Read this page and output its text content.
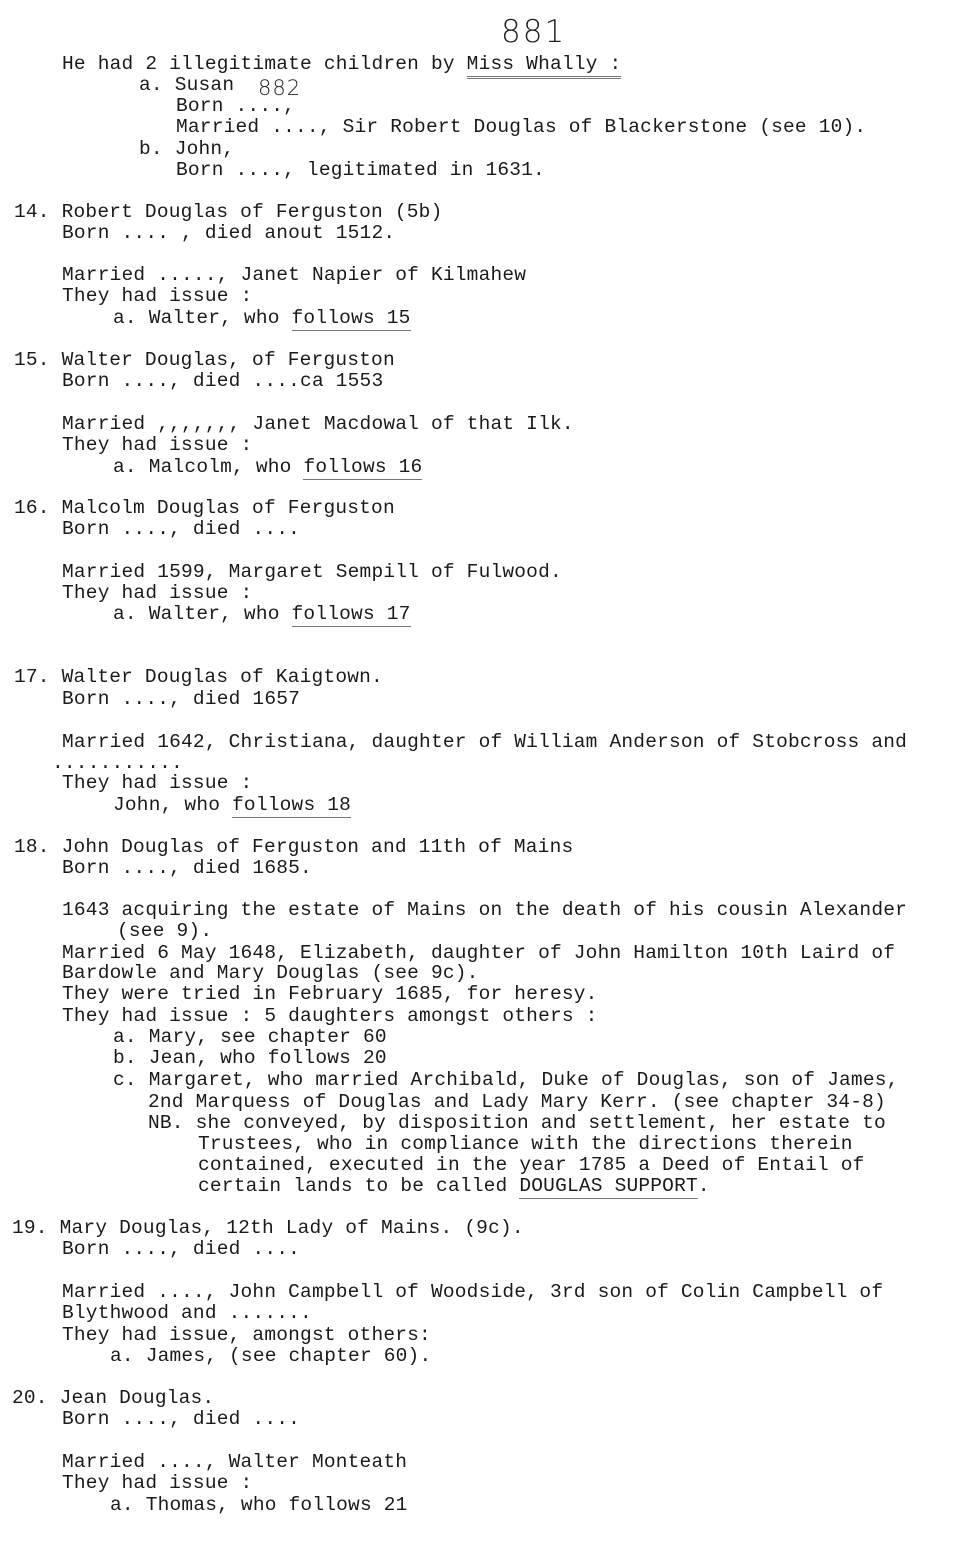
881
He had 2 illegitimate children by Miss Whally :
a. Susan
Born ....,
Married ...., Sir Robert Douglas of Blackerstone (see 10).
b. John,
Born ...., legitimated in 1631.
14. Robert Douglas of Ferguston (5b)
Born .... , died anout 1512.
Married ....., Janet Napier of Kilmahew
They had issue :
a. Walter, who follows 15
15. Walter Douglas, of Ferguston
Born ...., died ....ca 1553
Married ,,,,,,, Janet Macdowal of that Ilk.
They had issue :
a. Malcolm, who follows 16
16. Malcolm Douglas of Ferguston
Born ...., died ....
Married 1599, Margaret Sempill of Fulwood.
They had issue :
a. Walter, who follows 17
17. Walter Douglas of Kaigtown.
Born ...., died 1657
Married 1642, Christiana, daughter of William Anderson of Stobcross and
...........
They had issue :
John, who follows 18
18. John Douglas of Ferguston and 11th of Mains
Born ...., died 1685.
1643 acquiring the estate of Mains on the death of his cousin Alexander
(see 9).
Married 6 May 1648, Elizabeth, daughter of John Hamilton 10th Laird of
Bardowle and Mary Douglas (see 9c).
They were tried in February 1685, for heresy.
They had issue : 5 daughters amongst others :
a. Mary, see chapter 60
b. Jean, who follows 20
c. Margaret, who married Archibald, Duke of Douglas, son of James,
2nd Marquess of Douglas and Lady Mary Kerr. (see chapter 34-8)
NB. she conveyed, by disposition and settlement, her estate to
Trustees, who in compliance with the directions therein
contained, executed in the year 1785 a Deed of Entail of
certain lands to be called DOUGLAS SUPPORT.
19. Mary Douglas, 12th Lady of Mains. (9c).
Born ...., died ....
Married ...., John Campbell of Woodside, 3rd son of Colin Campbell of
Blythwood and .......
They had issue, amongst others:
a. James, (see chapter 60).
20. Jean Douglas.
Born ...., died ....
Married ...., Walter Monteath
They had issue :
a. Thomas, who follows 21
882
